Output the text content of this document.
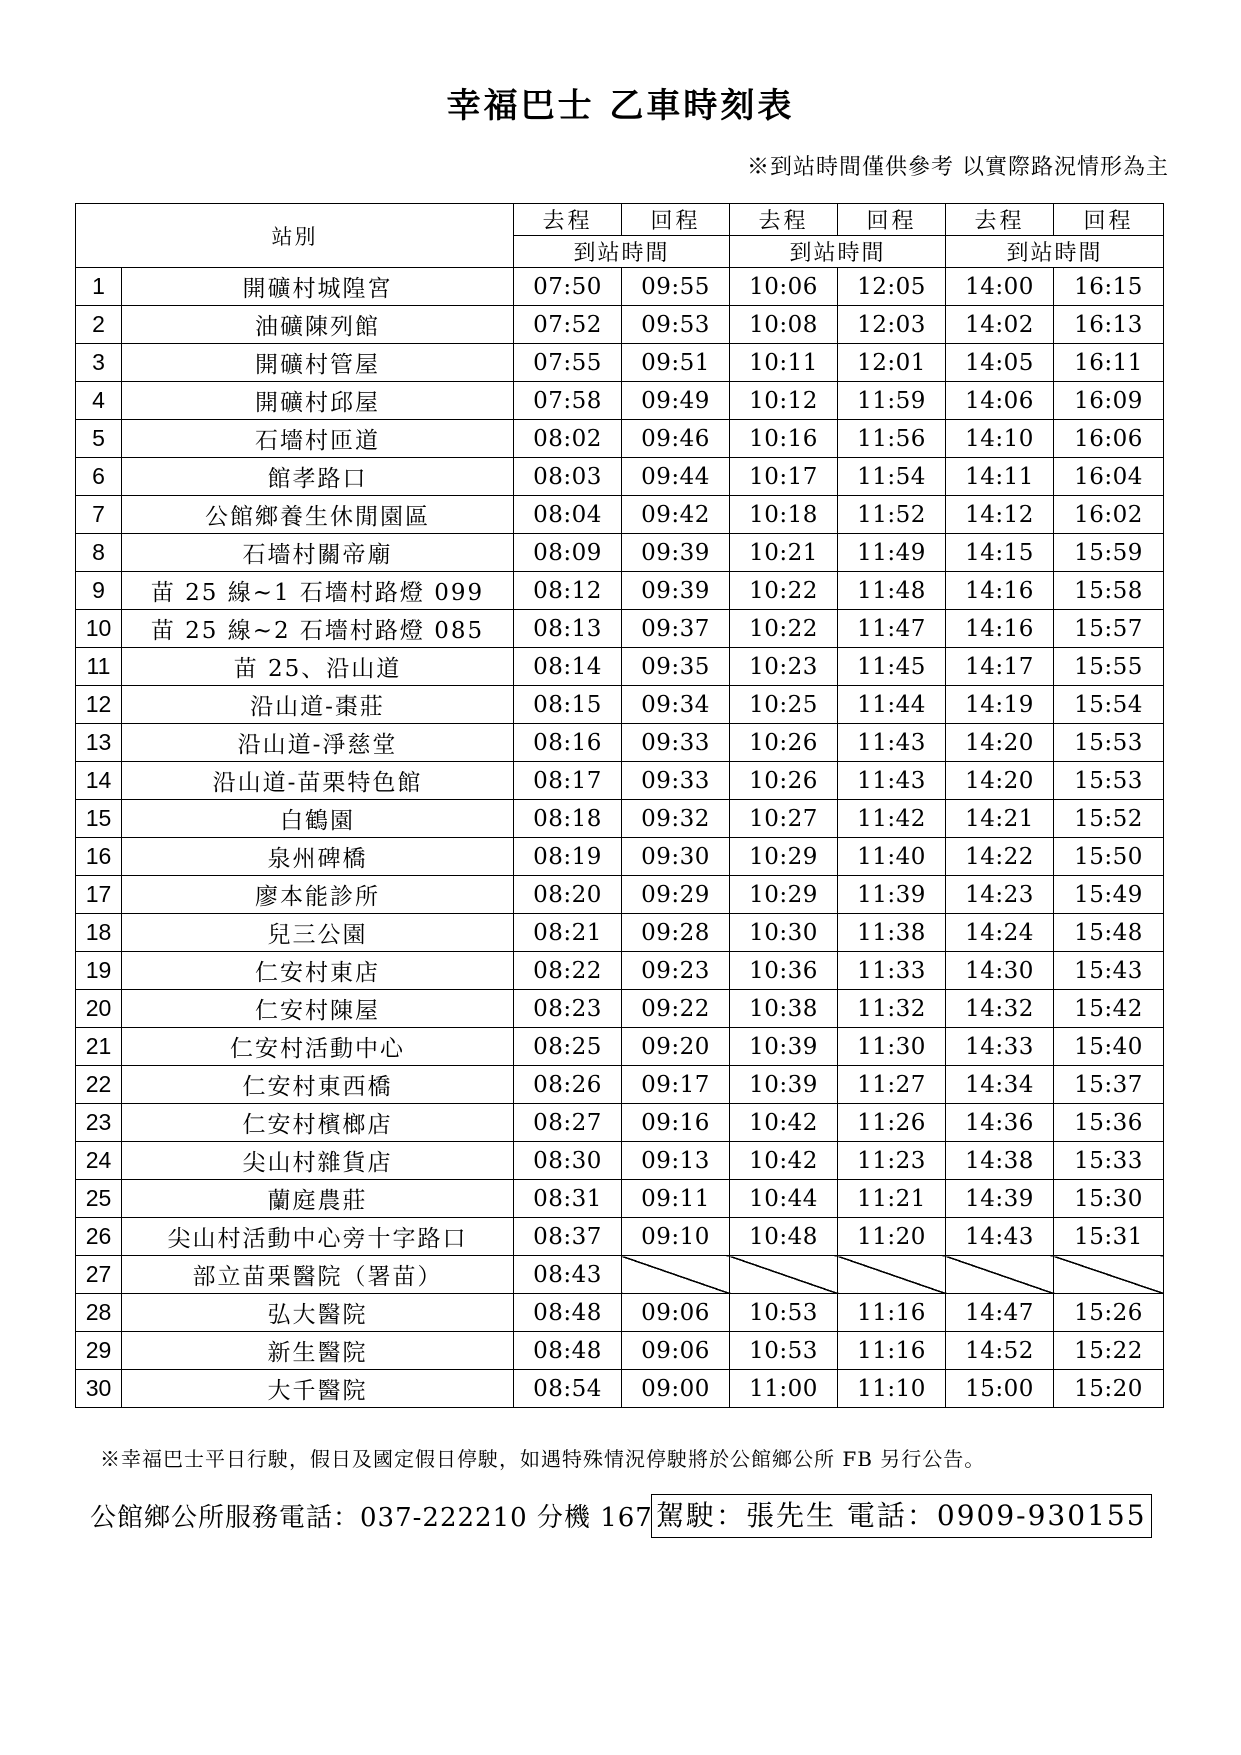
幸福巴士 乙車時刻表
※到站時間僅供參考 以實際路況情形為主
站別		去程	回程	去程	回程	去程	回程
		到站時間		到站時間		到站時間	
1	開礦村城隍宮	07:50	09:55	10:06	12:05	14:00	16:15
2	油礦陳列館	07:52	09:53	10:08	12:03	14:02	16:13
3	開礦村管屋	07:55	09:51	10:11	12:01	14:05	16:11
4	開礦村邱屋	07:58	09:49	10:12	11:59	14:06	16:09
5	石墻村匝道	08:02	09:46	10:16	11:56	14:10	16:06
6	館孝路口	08:03	09:44	10:17	11:54	14:11	16:04
7	公館鄉養生休閒園區	08:04	09:42	10:18	11:52	14:12	16:02
8	石墻村關帝廟	08:09	09:39	10:21	11:49	14:15	15:59
9	苗 25 線~1 石墻村路燈 099	08:12	09:39	10:22	11:48	14:16	15:58
10	苗 25 線~2 石墻村路燈 085	08:13	09:37	10:22	11:47	14:16	15:57
11	苗 25、沿山道	08:14	09:35	10:23	11:45	14:17	15:55
12	沿山道-棗莊	08:15	09:34	10:25	11:44	14:19	15:54
13	沿山道-淨慈堂	08:16	09:33	10:26	11:43	14:20	15:53
14	沿山道-苗栗特色館	08:17	09:33	10:26	11:43	14:20	15:53
15	白鶴園	08:18	09:32	10:27	11:42	14:21	15:52
16	泉州碑橋	08:19	09:30	10:29	11:40	14:22	15:50
17	廖本能診所	08:20	09:29	10:29	11:39	14:23	15:49
18	兒三公園	08:21	09:28	10:30	11:38	14:24	15:48
19	仁安村東店	08:22	09:23	10:36	11:33	14:30	15:43
20	仁安村陳屋	08:23	09:22	10:38	11:32	14:32	15:42
21	仁安村活動中心	08:25	09:20	10:39	11:30	14:33	15:40
22	仁安村東西橋	08:26	09:17	10:39	11:27	14:34	15:37
23	仁安村檳榔店	08:27	09:16	10:42	11:26	14:36	15:36
24	尖山村雜貨店	08:30	09:13	10:42	11:23	14:38	15:33
25	蘭庭農莊	08:31	09:11	10:44	11:21	14:39	15:30
26	尖山村活動中心旁十字路口	08:37	09:10	10:48	11:20	14:43	15:31
27	部立苗栗醫院（署苗）	08:43					
28	弘大醫院	08:48	09:06	10:53	11:16	14:47	15:26
29	新生醫院	08:48	09:06	10:53	11:16	14:52	15:22
30	大千醫院	08:54	09:00	11:00	11:10	15:00	15:20
※幸福巴士平日行駛，假日及國定假日停駛，如遇特殊情況停駛將於公館鄉公所 FB 另行公告。
公館鄉公所服務電話：037-222210 分機 167 駕駛：張先生 電話：0909-930155
